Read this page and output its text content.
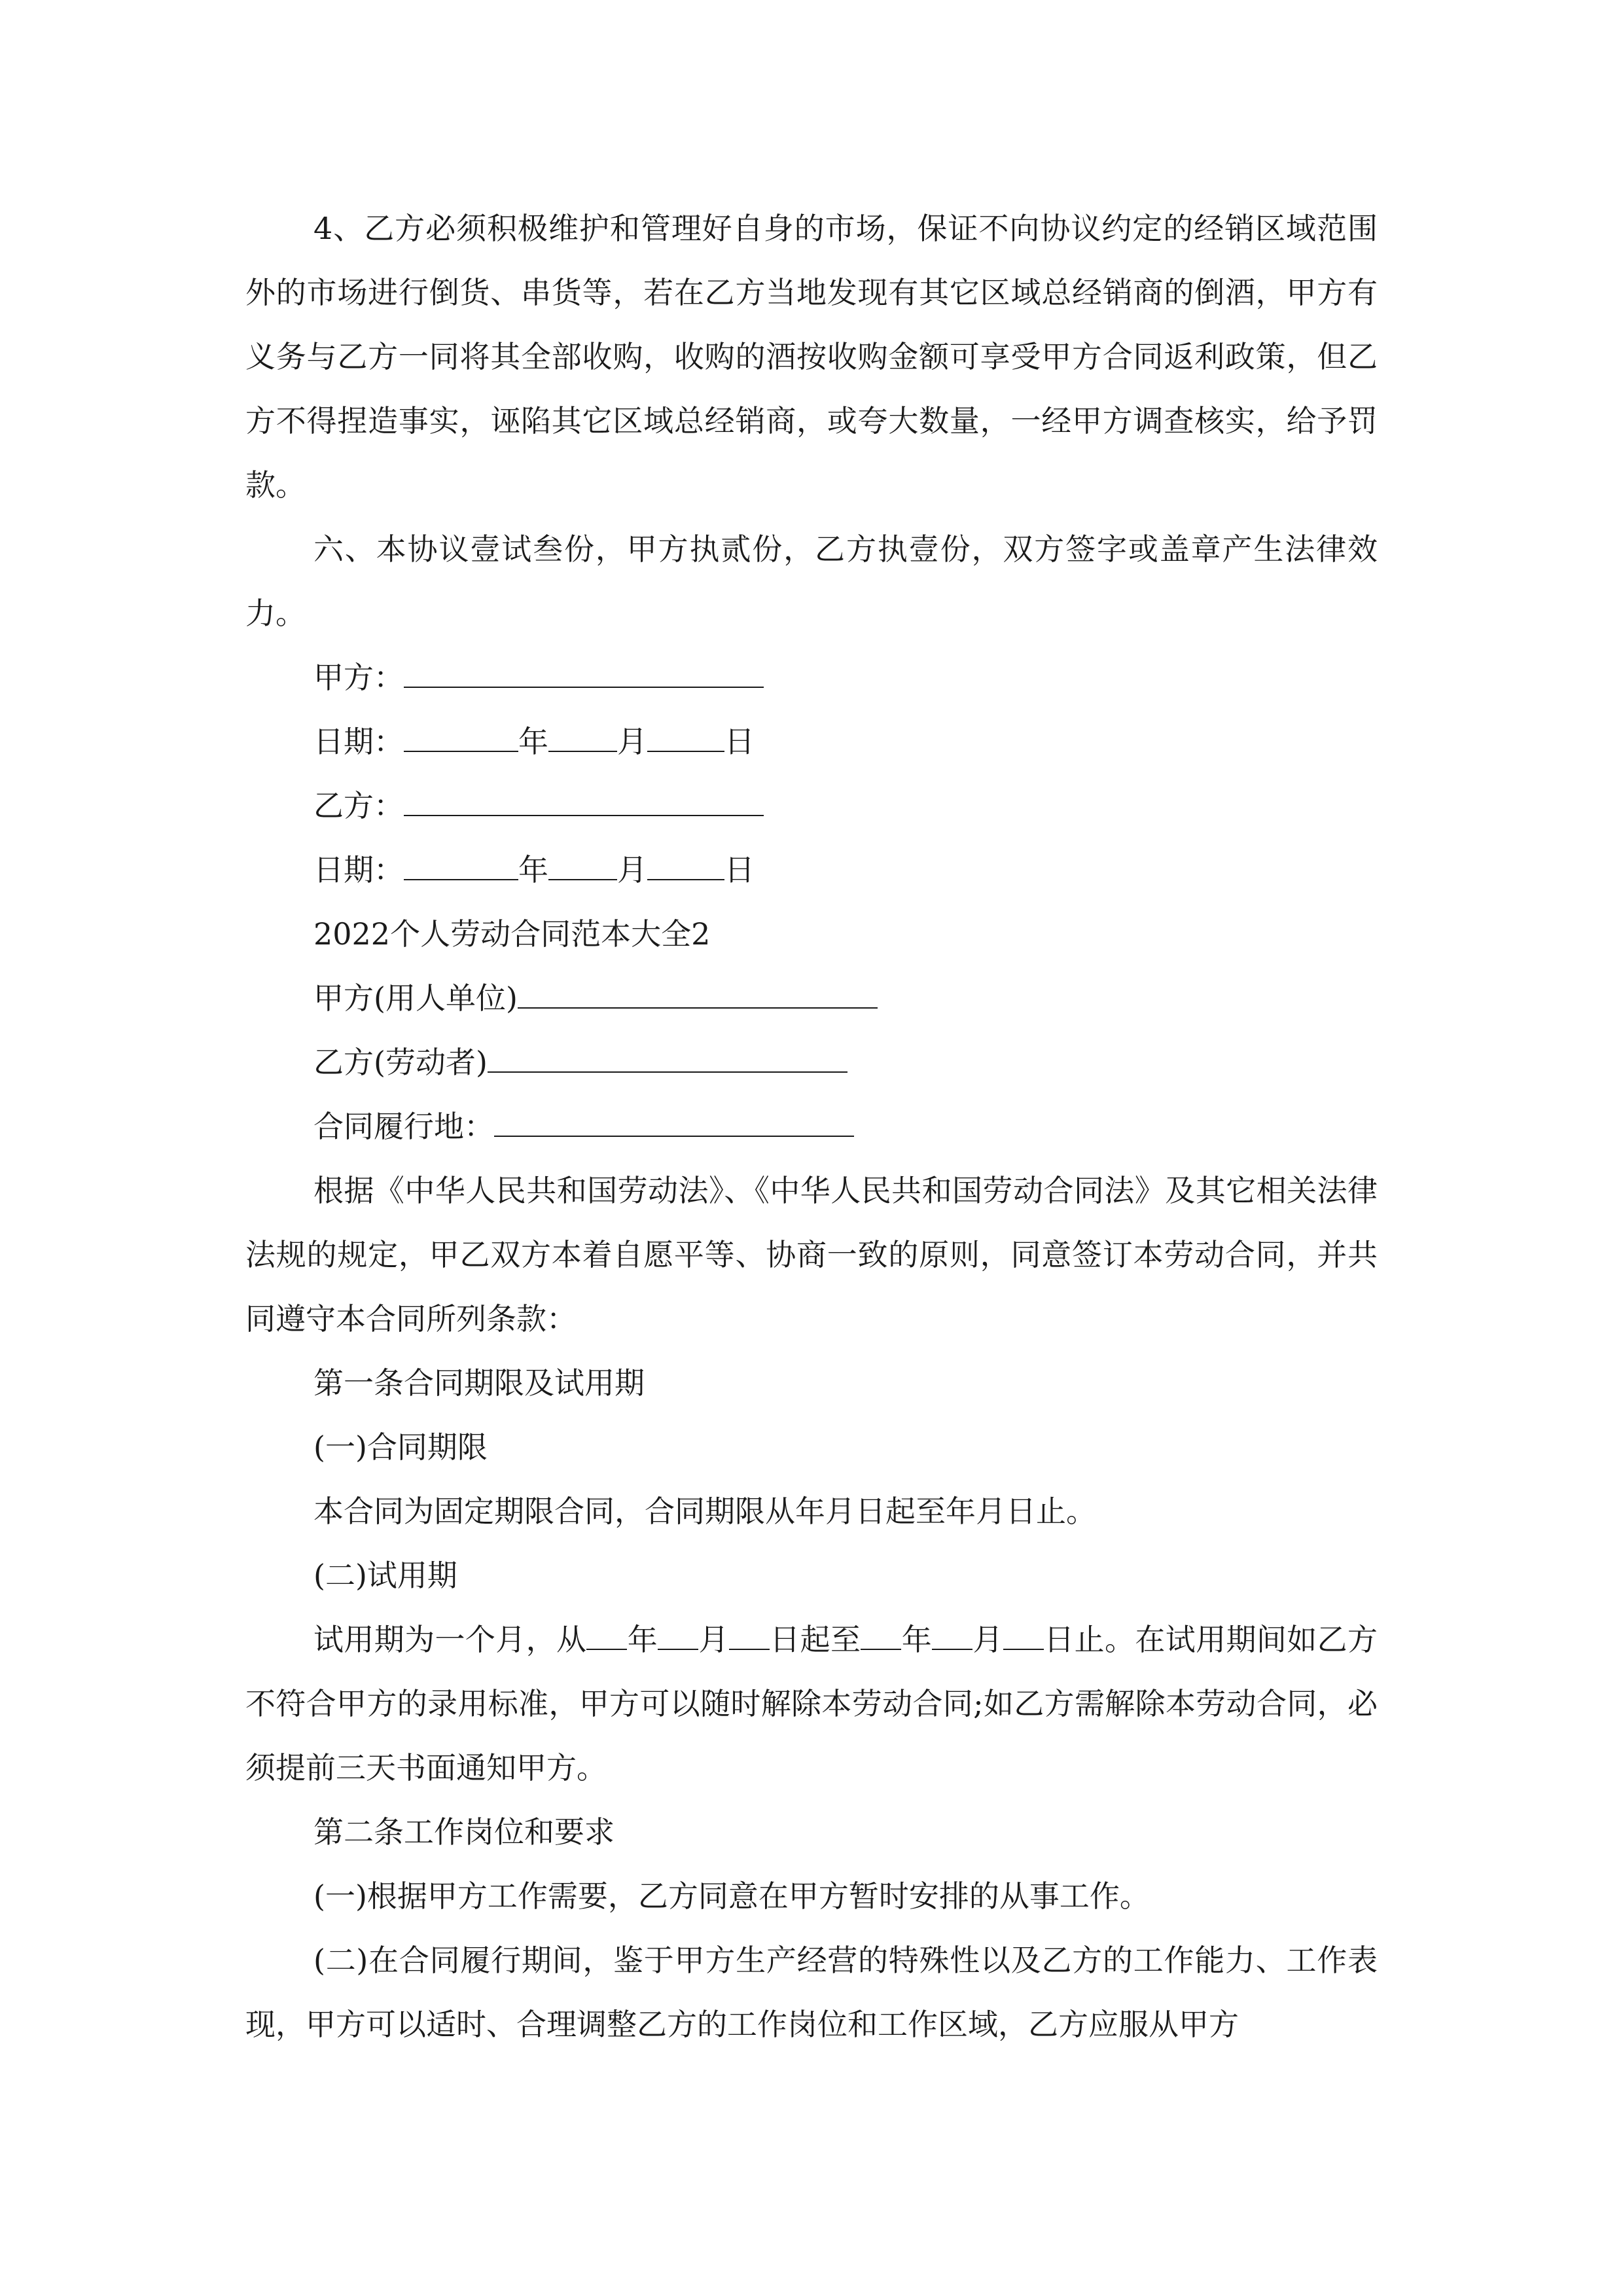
4、乙方必须积极维护和管理好自身的市场，保证不向协议约定的经销区域范围外的市场进行倒货、串货等，若在乙方当地发现有其它区域总经销商的倒酒，甲方有义务与乙方一同将其全部收购，收购的酒按收购金额可享受甲方合同返利政策，但乙方不得捏造事实，诬陷其它区域总经销商，或夸大数量，一经甲方调查核实，给予罚款。

六、本协议壹试叁份，甲方执贰份，乙方执壹份，双方签字或盖章产生法律效力。

甲方：
日期：	年 月	日
乙方：
日期：	年 月	日
2022个人劳动合同范本大全2
甲方(用人单位)
乙方(劳动者)
合同履行地：

根据《中华人民共和国劳动法》、《中华人民共和国劳动合同法》及其它相关法律法规的规定，甲乙双方本着自愿平等、协商一致的原则，同意签订本劳动合同，并共同遵守本合同所列条款：

第一条合同期限及试用期
(一)合同期限
本合同为固定期限合同，合同期限从年月日起至年月日止。
(二)试用期

试用期为一个月，从 年 月 日起至 年 月 日止。在试用期间如乙方不符合甲方的录用标准，甲方可以随时解除本劳动合同;如乙方需解除本劳动合同，必须提前三天书面通知甲方。

第二条工作岗位和要求
(一)根据甲方工作需要，乙方同意在甲方暂时安排的从事工作。

(二)在合同履行期间，鉴于甲方生产经营的特殊性以及乙方的工作能力、工作表现，甲方可以适时、合理调整乙方的工作岗位和工作区域，乙方应服从甲方
